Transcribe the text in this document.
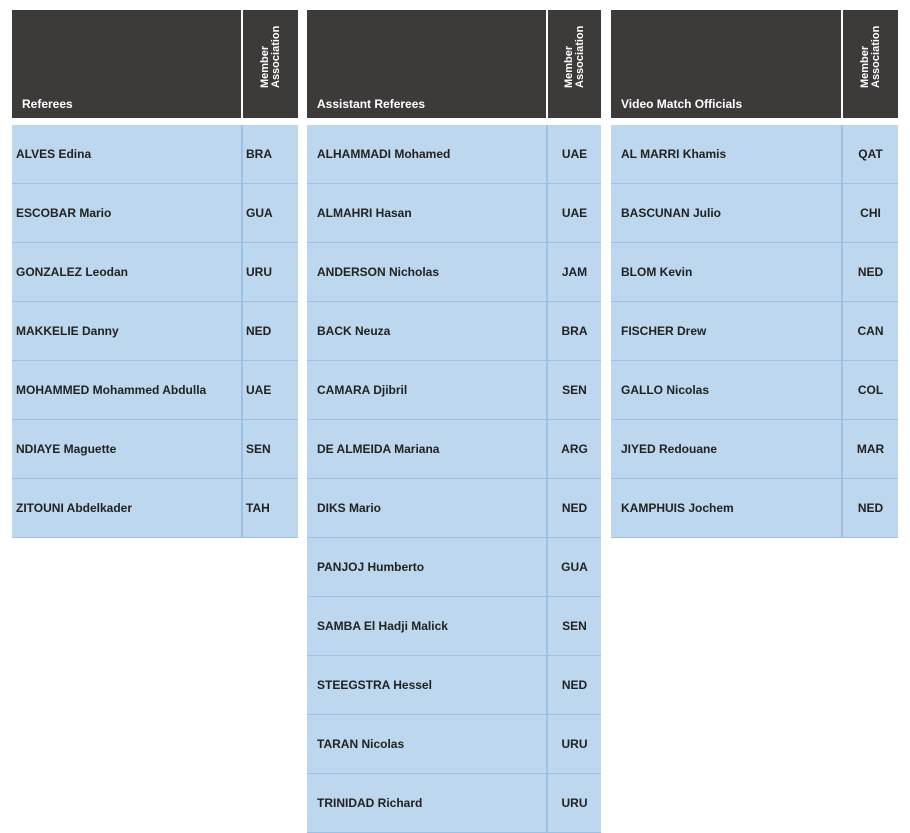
Referees	Member
Association

ALVES Edina	BRA
ESCOBAR Mario	GUA
GONZALEZ Leodan	URU
MAKKELIE Danny	NED
MOHAMMED Mohammed Abdulla	UAE
NDIAYE Maguette	SEN
ZITOUNI Abdelkader	TAH
Assistant Referees	Member
Association

ALHAMMADI Mohamed	UAE
ALMAHRI Hasan	UAE
ANDERSON Nicholas	JAM
BACK Neuza	BRA
CAMARA Djibril	SEN
DE ALMEIDA Mariana	ARG
DIKS Mario	NED
PANJOJ Humberto	GUA
SAMBA El Hadji Malick	SEN
STEEGSTRA Hessel	NED
TARAN Nicolas	URU
TRINIDAD Richard	URU
Video Match Officials	Member
Association

AL MARRI Khamis	QAT
BASCUNAN Julio	CHI
BLOM Kevin	NED
FISCHER Drew	CAN
GALLO Nicolas	COL
JIYED Redouane	MAR
KAMPHUIS Jochem	NED
